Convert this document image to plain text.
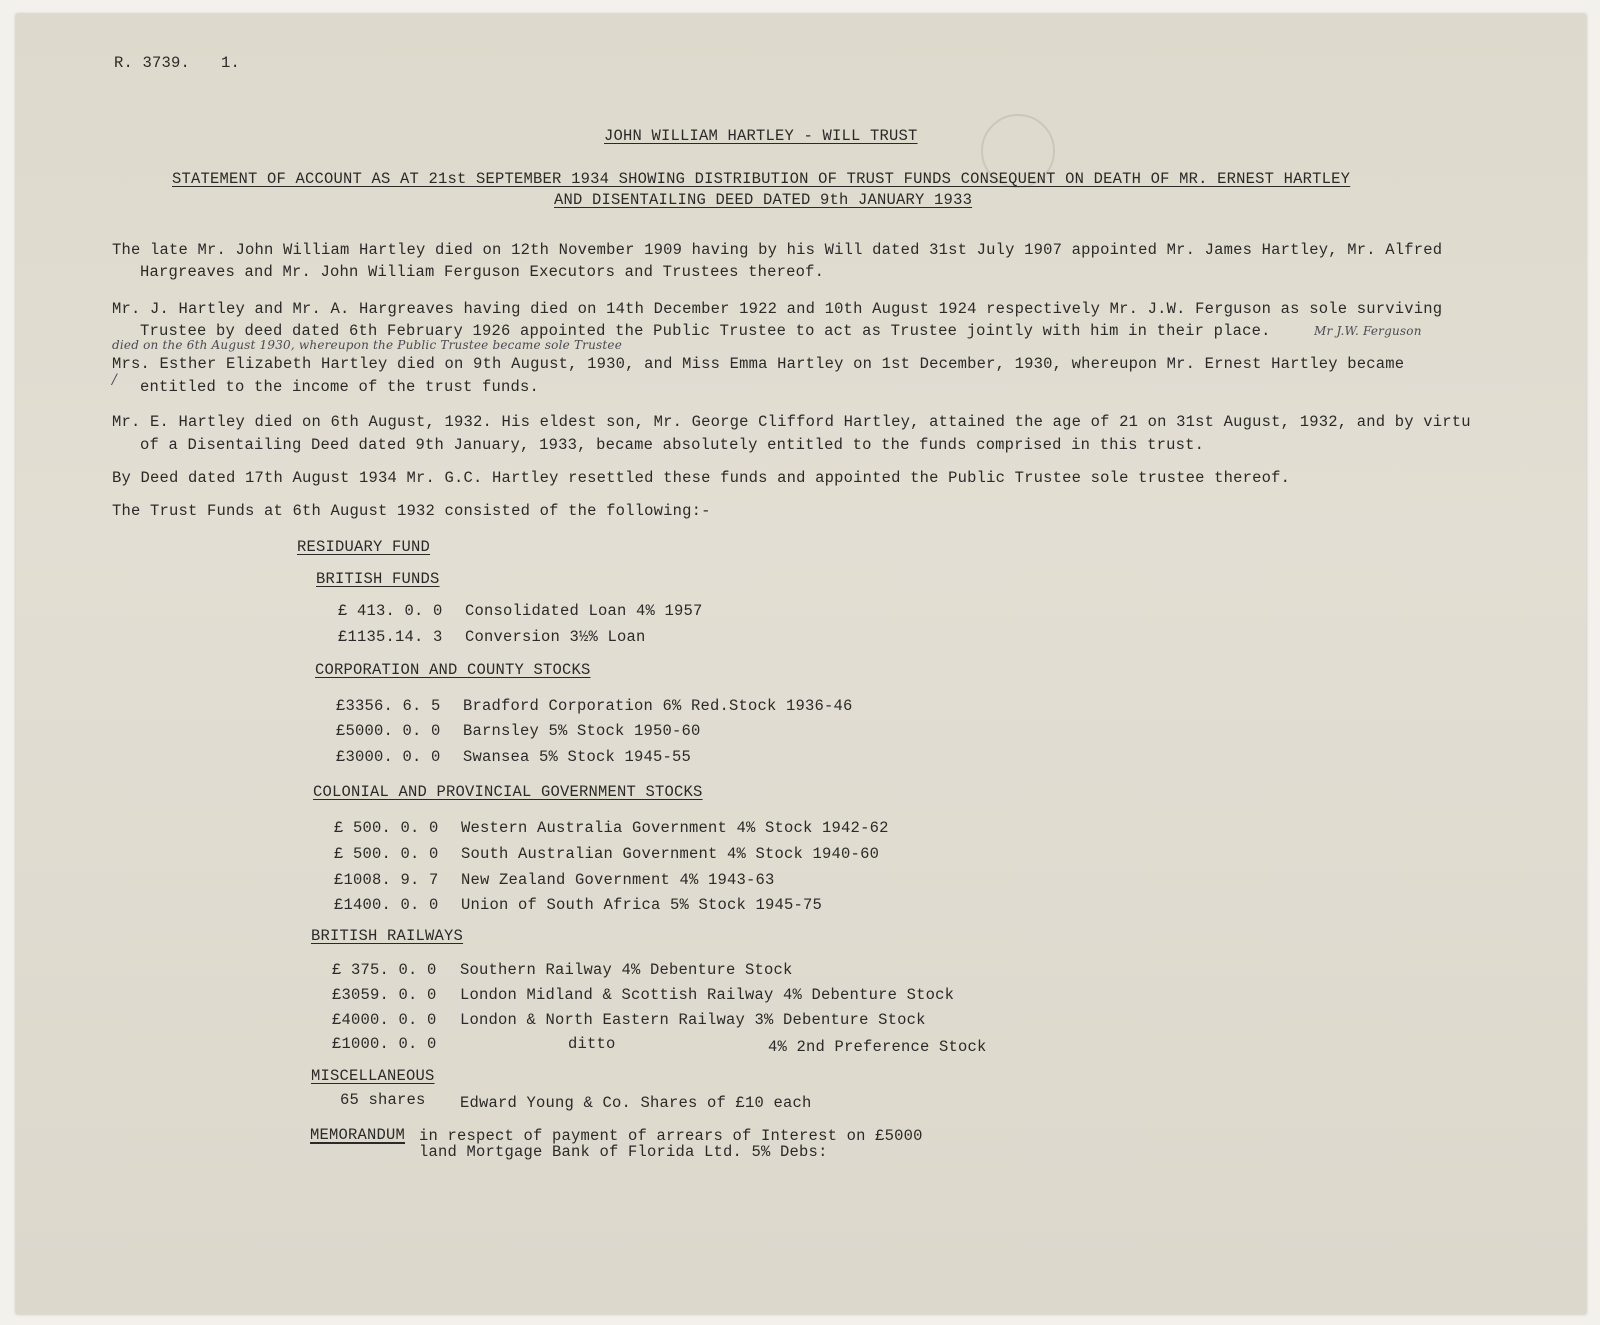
R. 3739. 1.

JOHN WILLIAM HARTLEY - WILL TRUST

STATEMENT OF ACCOUNT AS AT 21st SEPTEMBER 1934 SHOWING DISTRIBUTION OF TRUST FUNDS CONSEQUENT ON DEATH OF MR. ERNEST HARTLEY

AND DISENTAILING DEED DATED 9th JANUARY 1933

The late Mr. John William Hartley died on 12th November 1909 having by his Will dated 31st July 1907 appointed Mr. James Hartley, Mr. Alfred

Hargreaves and Mr. John William Ferguson Executors and Trustees thereof.

Mr. J. Hartley and Mr. A. Hargreaves having died on 14th December 1922 and 10th August 1924 respectively Mr. J.W. Ferguson as sole surviving

Trustee by deed dated 6th February 1926 appointed the Public Trustee to act as Trustee jointly with him in their place.	Mr J.W. Ferguson
died on the 6th August 1930, whereupon the Public Trustee became sole Trustee

Mrs. Esther Elizabeth Hartley died on 9th August, 1930, and Miss Emma Hartley on 1st December, 1930, whereupon Mr. Ernest Hartley became

/ entitled to the income of the trust funds.

Mr. E. Hartley died on 6th August, 1932. His eldest son, Mr. George Clifford Hartley, attained the age of 21 on 31st August, 1932, and by virtu

of a Disentailing Deed dated 9th January, 1933, became absolutely entitled to the funds comprised in this trust.

By Deed dated 17th August 1934 Mr. G.C. Hartley resettled these funds and appointed the Public Trustee sole trustee thereof.

The Trust Funds at 6th August 1932 consisted of the following:-

RESIDUARY FUND

BRITISH FUNDS

£ 413. 0. 0 Consolidated Loan 4% 1957
£1135.14. 3 Conversion 3½% Loan

CORPORATION AND COUNTY STOCKS

£3356. 6. 5 Bradford Corporation 6% Red.Stock 1936-46
£5000. 0. 0 Barnsley 5% Stock 1950-60
£3000. 0. 0 Swansea 5% Stock 1945-55

COLONIAL AND PROVINCIAL GOVERNMENT STOCKS

£ 500. 0. 0 Western Australia Government 4% Stock 1942-62
£ 500. 0. 0 South Australian Government 4% Stock 1940-60
£1008. 9. 7 New Zealand Government 4% 1943-63
£1400. 0. 0 Union of South Africa 5% Stock 1945-75

BRITISH RAILWAYS

£ 375. 0. 0 Southern Railway 4% Debenture Stock
£3059. 0. 0 London Midland & Scottish Railway 4% Debenture Stock
£4000. 0. 0 London & North Eastern Railway 3% Debenture Stock
£1000. 0. 0	ditto	4% 2nd Preference Stock

MISCELLANEOUS

65 shares Edward Young & Co. Shares of £10 each
MEMORANDUM in respect of payment of arrears of Interest on £5000
land Mortgage Bank of Florida Ltd. 5% Debs:
